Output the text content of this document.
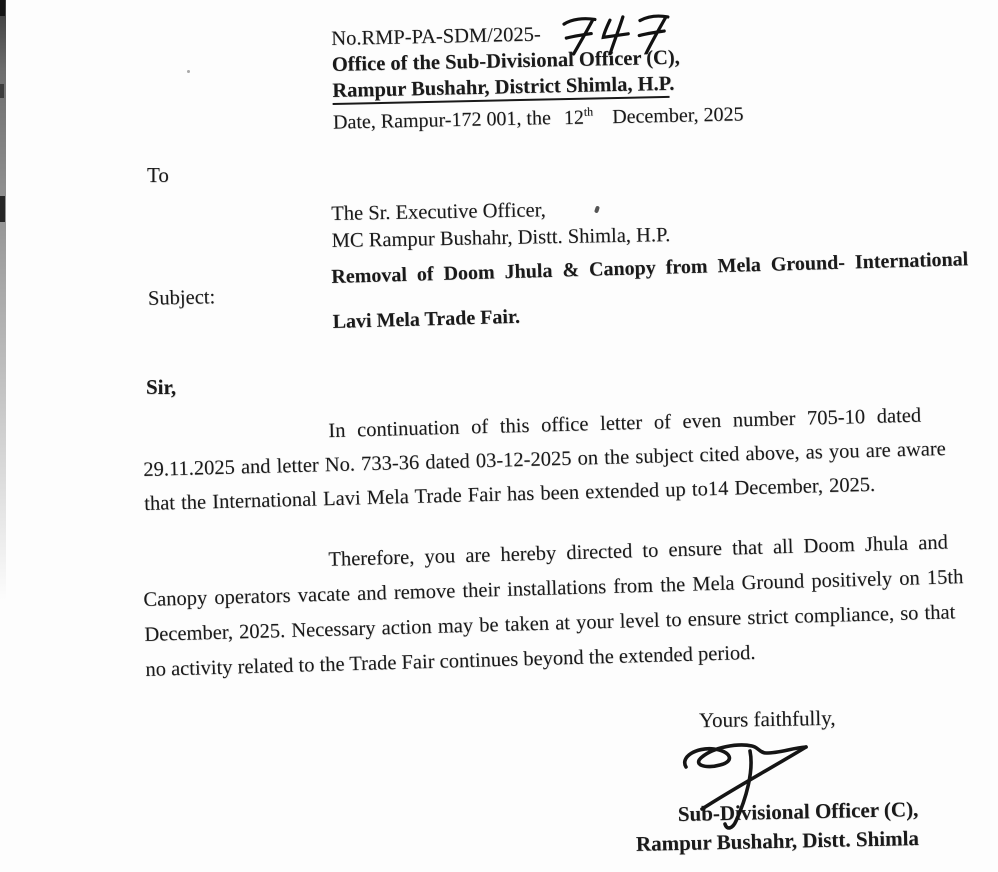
No.RMP-PA-SDM/2025-
Office of the Sub-Divisional Officer (C),
Rampur Bushahr, District Shimla, H.P.
Date, Rampur-172 001, the 12th December, 2025
To
The Sr. Executive Officer,
MC Rampur Bushahr, Distt. Shimla, H.P.
Subject:
Removal of Doom Jhula & Canopy from Mela Ground- International
Lavi Mela Trade Fair.
Sir,
In continuation of this office letter of even number 705-10 dated
29.11.2025 and letter No. 733-36 dated 03-12-2025 on the subject cited above, as you are aware
that the International Lavi Mela Trade Fair has been extended up to14 December, 2025.
Therefore, you are hereby directed to ensure that all Doom Jhula and
Canopy operators vacate and remove their installations from the Mela Ground positively on 15th
December, 2025. Necessary action may be taken at your level to ensure strict compliance, so that
no activity related to the Trade Fair continues beyond the extended period.
Yours faithfully,
Sub-Divisional Officer (C),
Rampur Bushahr, Distt. Shimla
